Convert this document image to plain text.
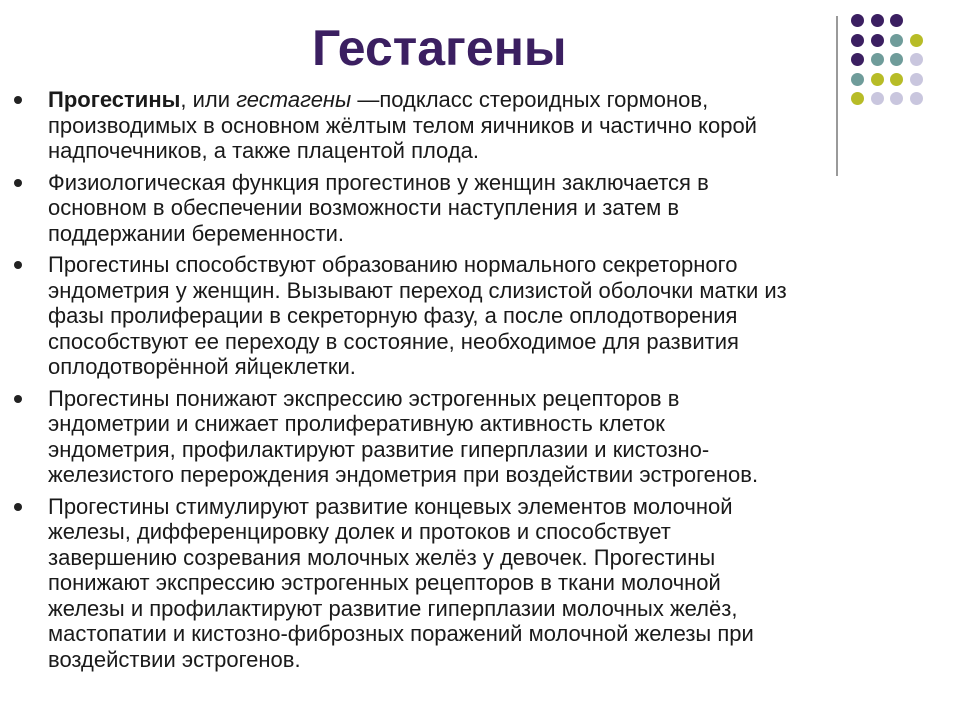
Гестагены
Прогестины, или гестагены —подкласс стероидных гормонов,
производимых в основном жёлтым телом яичников и частично корой
надпочечников, а также плацентой плода.
Физиологическая функция прогестинов у женщин заключается в
основном в обеспечении возможности наступления и затем в
поддержании беременности.
Прогестины способствуют образованию нормального секреторного
эндометрия у женщин. Вызывают переход слизистой оболочки матки из
фазы пролиферации в секреторную фазу, а после оплодотворения
способствуют ее переходу в состояние, необходимое для развития
оплодотворённой яйцеклетки.
Прогестины понижают экспрессию эстрогенных рецепторов в
эндометрии и снижает пролиферативную активность клеток
эндометрия, профилактируют развитие гиперплазии и кистозно-
железистого перерождения эндометрия при воздействии эстрогенов.
Прогестины стимулируют развитие концевых элементов молочной
железы, дифференцировку долек и протоков и способствует
завершению созревания молочных желёз у девочек. Прогестины
понижают экспрессию эстрогенных рецепторов в ткани молочной
железы и профилактируют развитие гиперплазии молочных желёз,
мастопатии и кистозно-фиброзных поражений молочной железы при
воздействии эстрогенов.
